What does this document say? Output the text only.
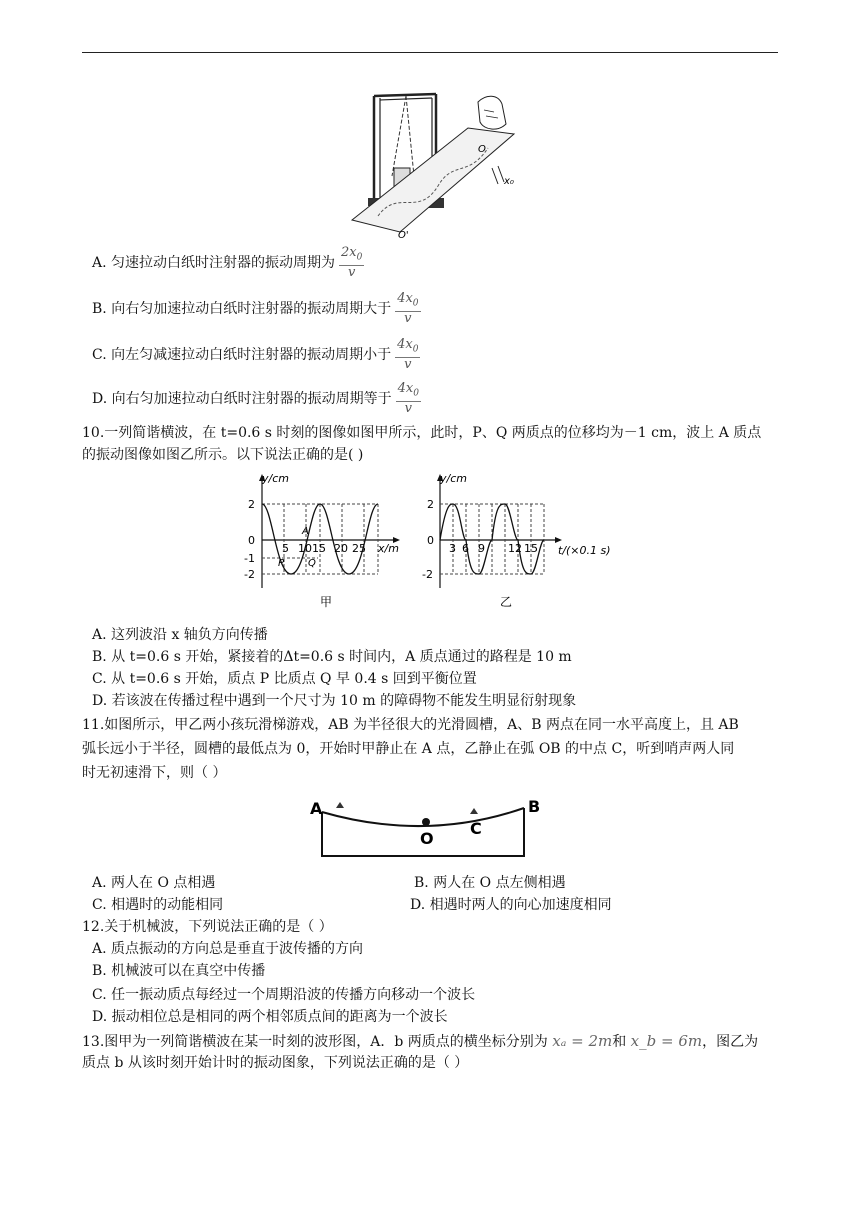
O
x₀
O'
A. 匀速拉动白纸时注射器的振动周期为 $\frac{2x_0}{v}$
B. 向右匀加速拉动白纸时注射器的振动周期大于 $\frac{4x_0}{v}$
C. 向左匀减速拉动白纸时注射器的振动周期小于 $\frac{4x_0}{v}$
D. 向右匀加速拉动白纸时注射器的振动周期等于 $\frac{4x_0}{v}$
10.一列简谐横波，在 t=0.6 s 时刻的图像如图甲所示，此时，P、Q 两质点的位移均为－1 cm，波上 A 质点
的振动图像如图乙所示。以下说法正确的是( )
y/cm
2
0
-1
-2
5 10 15 20 25 x/m
A
P Q
甲
y/cm
2
0
-2
3 6 9 12 15 t/(×0.1 s)
乙
A. 这列波沿 x 轴负方向传播
B. 从 t=0.6 s 开始，紧接着的Δt=0.6 s 时间内，A 质点通过的路程是 10 m
C. 从 t=0.6 s 开始，质点 P 比质点 Q 早 0.4 s 回到平衡位置
D. 若该波在传播过程中遇到一个尺寸为 10 m 的障碍物不能发生明显衍射现象
11.如图所示，甲乙两小孩玩滑梯游戏，AB 为半径很大的光滑圆槽，A、B 两点在同一水平高度上，且 AB
弧长远小于半径，圆槽的最低点为 0，开始时甲静止在 A 点，乙静止在弧 OB 的中点 C，听到哨声两人同
时无初速滑下，则（ ）
A	B
O
C
A. 两人在 O 点相遇	B. 两人在 O 点左侧相遇
C. 相遇时的动能相同	D. 相遇时两人的向心加速度相同
12.关于机械波，下列说法正确的是（ ）
A. 质点振动的方向总是垂直于波传播的方向
B. 机械波可以在真空中传播
C. 任一振动质点每经过一个周期沿波的传播方向移动一个波长
D. 振动相位总是相同的两个相邻质点间的距离为一个波长
13.图甲为一列简谐横波在某一时刻的波形图，A．b 两质点的横坐标分别为 xₐ = 2m和 x_b = 6m，图乙为
质点 b 从该时刻开始计时的振动图象，下列说法正确的是（ ）
